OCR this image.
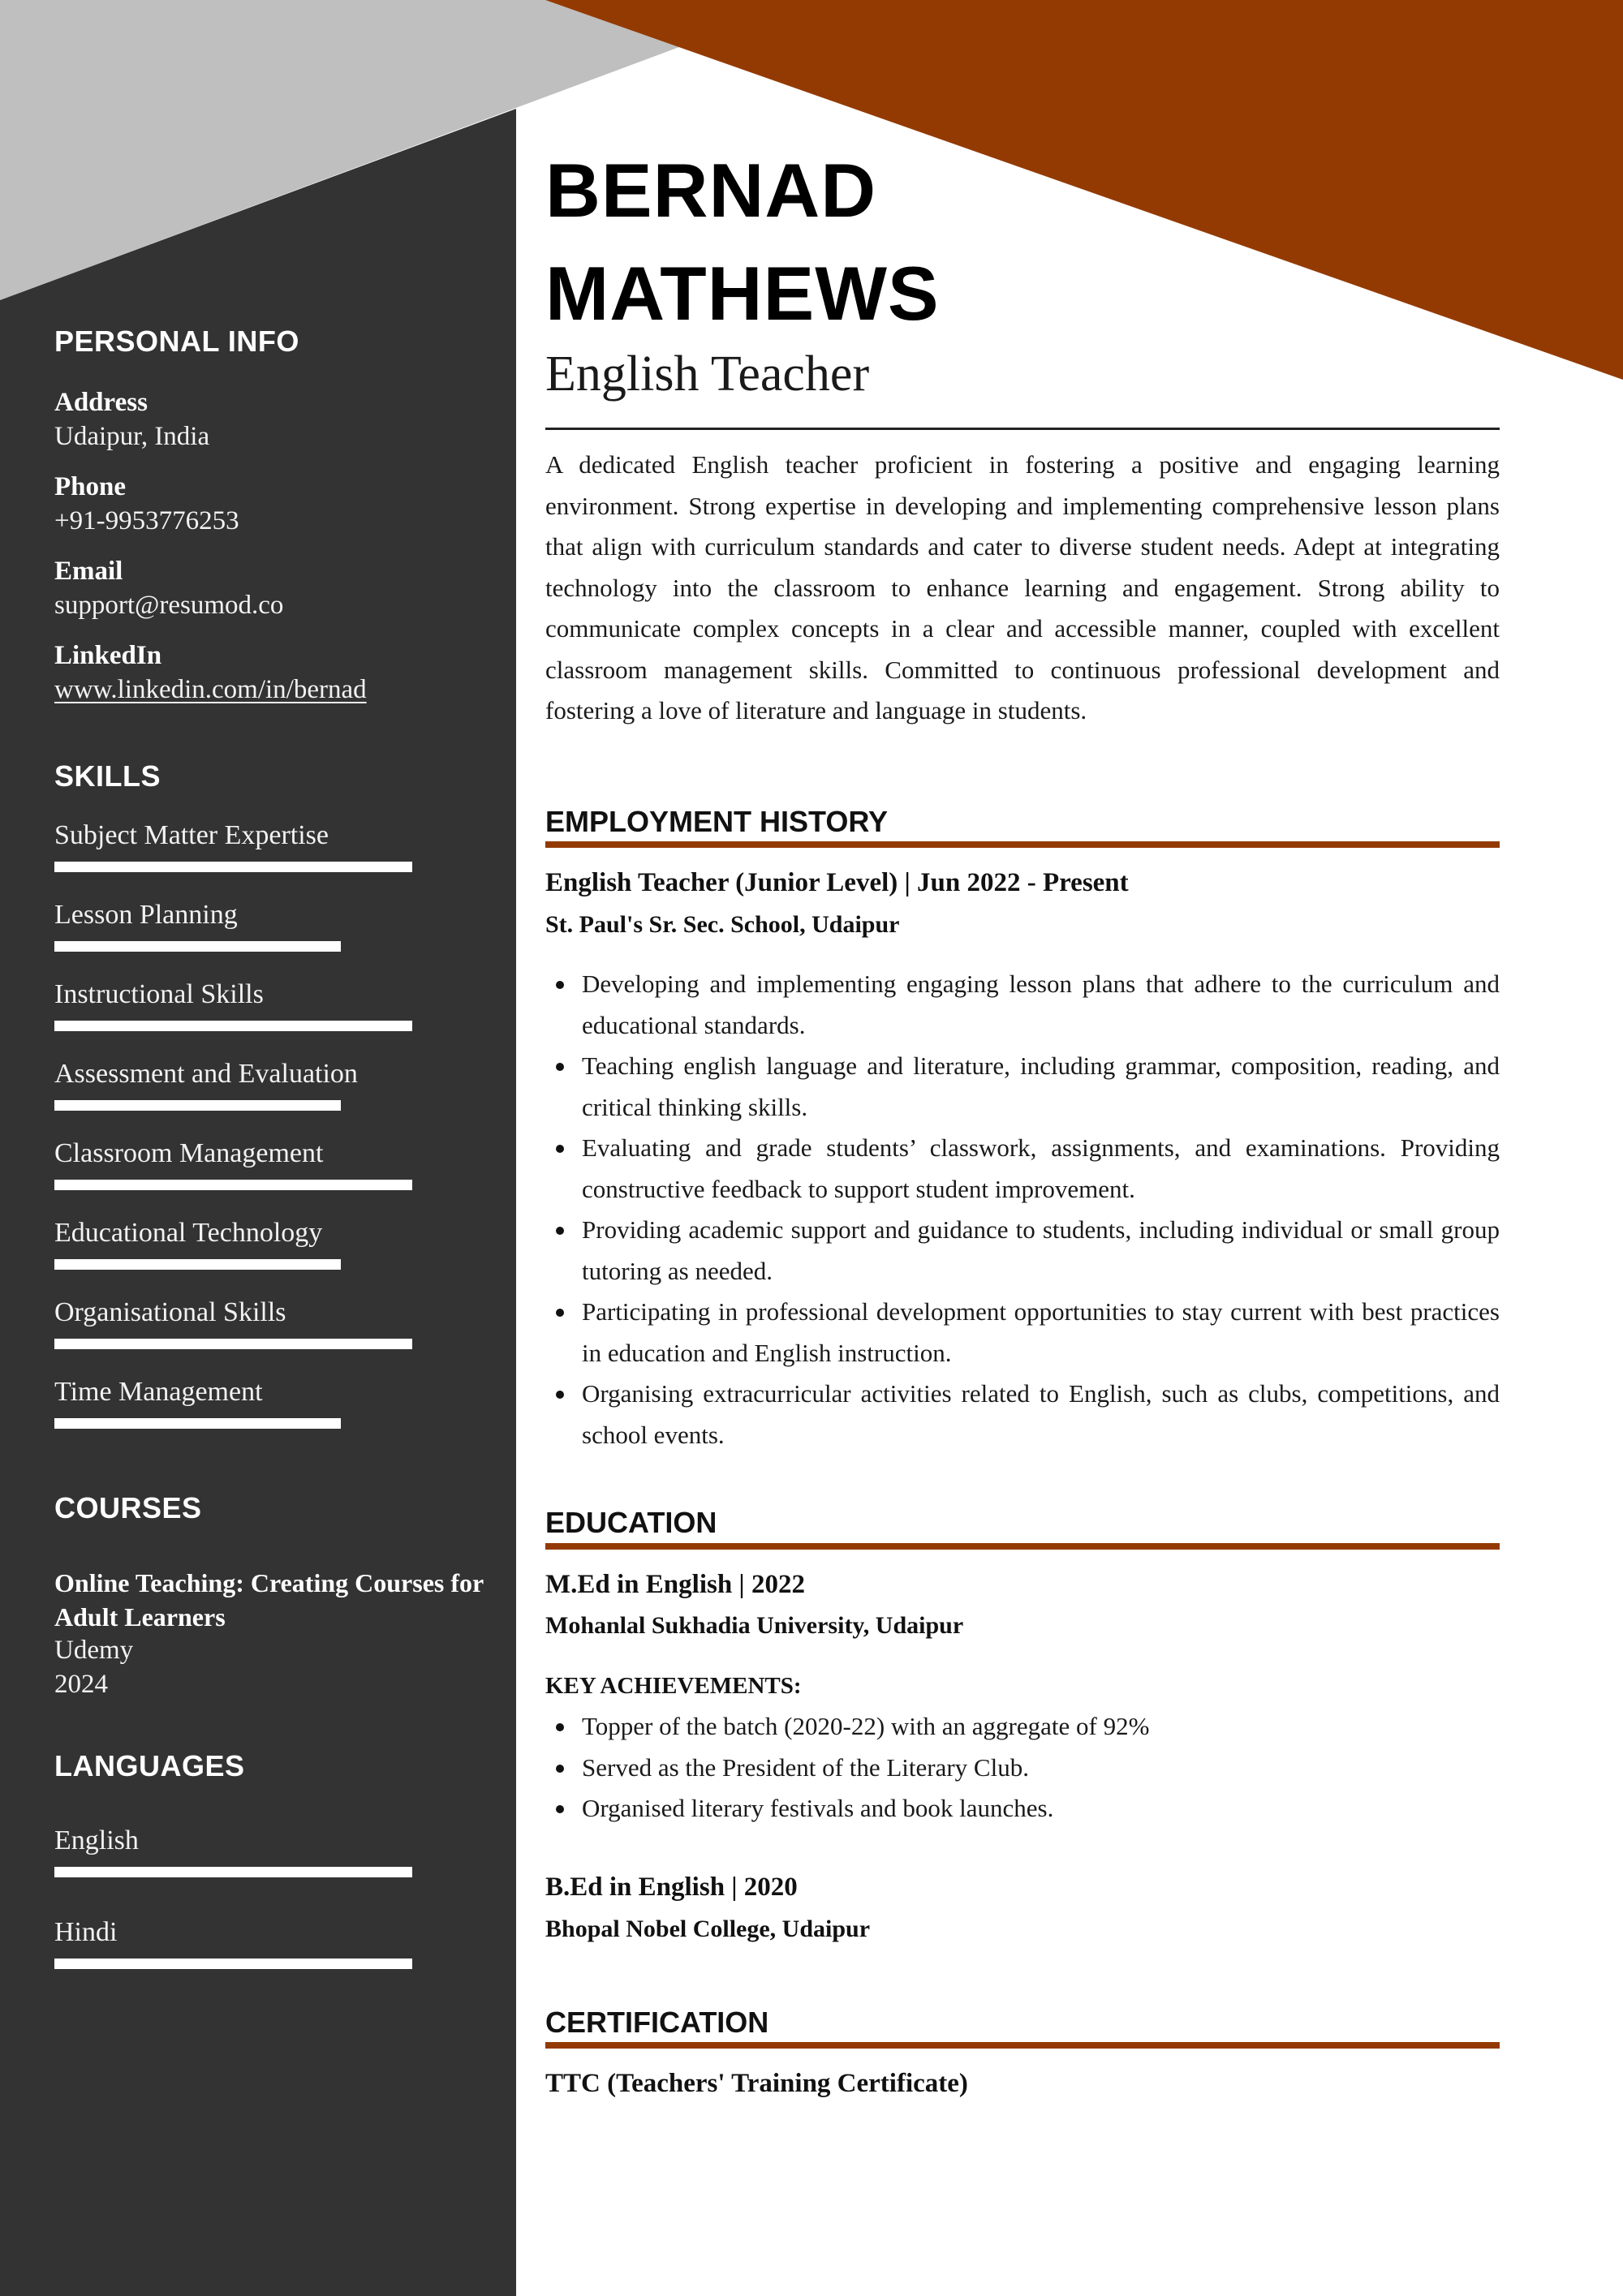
PERSONAL INFO
Address
Udaipur, India
Phone
+91-9953776253
Email
support@resumod.co
LinkedIn
www.linkedin.com/in/bernad
SKILLS
Subject Matter Expertise
Lesson Planning
Instructional Skills
Assessment and Evaluation
Classroom Management
Educational Technology
Organisational Skills
Time Management
COURSES
Online Teaching: Creating Courses for Adult Learners
Udemy
2024
LANGUAGES
English
Hindi
BERNAD
MATHEWS
English Teacher

A dedicated English teacher proficient in fostering a positive and engaging learning environment. Strong expertise in developing and implementing comprehensive lesson plans that align with curriculum standards and cater to diverse student needs. Adept at integrating technology into the classroom to enhance learning and engagement. Strong ability to communicate complex concepts in a clear and accessible manner, coupled with excellent classroom management skills. Committed to continuous professional development and fostering a love of literature and language in students.

EMPLOYMENT HISTORY
English Teacher (Junior Level) | Jun 2022 - Present
St. Paul's Sr. Sec. School, Udaipur
Developing and implementing engaging lesson plans that adhere to the curriculum and educational standards.
Teaching english language and literature, including grammar, composition, reading, and critical thinking skills.
Evaluating and grade students’ classwork, assignments, and examinations. Providing constructive feedback to support student improvement.
Providing academic support and guidance to students, including individual or small group tutoring as needed.
Participating in professional development opportunities to stay current with best practices in education and English instruction.
Organising extracurricular activities related to English, such as clubs, competitions, and school events.
EDUCATION
M.Ed in English | 2022
Mohanlal Sukhadia University, Udaipur
KEY ACHIEVEMENTS:
Topper of the batch (2020-22) with an aggregate of 92%
Served as the President of the Literary Club.
Organised literary festivals and book launches.
B.Ed in English | 2020
Bhopal Nobel College, Udaipur
CERTIFICATION
TTC (Teachers' Training Certificate)
